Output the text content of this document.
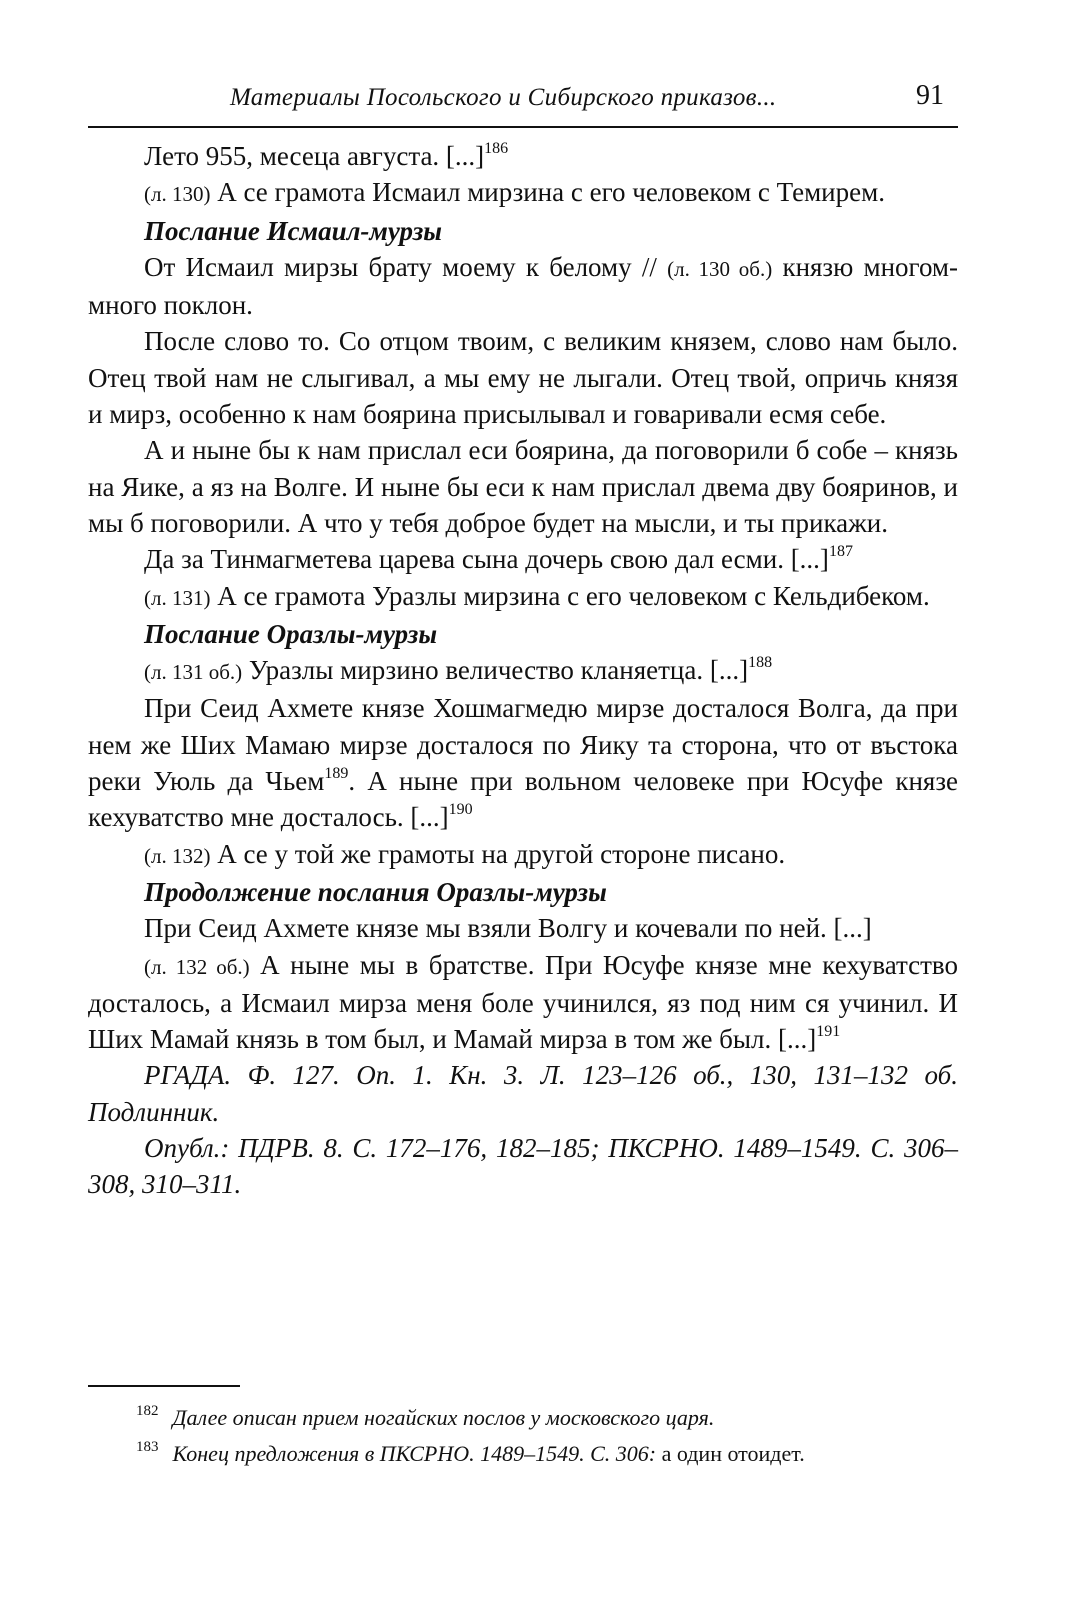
Материалы Посольского и Сибирского приказов...	91

Лето 955, месеца августа. [...]$^{186}$

(л. 130) А се грамота Исмаил мирзина с его человеком с Темирем.

Послание Исмаил-мурзы

От Исмаил мирзы брату моему к белому // (л. 130 об.) князю многом-много поклон.

После слово то. Со отцом твоим, с великим князем, слово нам было. Отец твой нам не слыгивал, а мы ему не лыгали. Отец твой, опричь князя и мирз, особенно к нам боярина присылывал и говаривали есмя себе.

А и ныне бы к нам прислал еси боярина, да поговорили б собе – князь на Яике, а яз на Волге. И ныне бы еси к нам прислал двема дву бояринов, и мы б поговорили. А что у тебя доброе будет на мысли, и ты прикажи.

Да за Тинмагметева царева сына дочерь свою дал есми. [...]$^{187}$

(л. 131) А се грамота Уразлы мирзина с его человеком с Кельдибеком.

Послание Оразлы-мурзы

(л. 131 об.) Уразлы мирзино величество кланяетца. [...]$^{188}$

При Сеид Ахмете князе Хошмагмедю мирзе досталося Волга, да при нем же Ших Мамаю мирзе досталося по Яику та сторона, что от въстока реки Уюль да Чьем$^{189}$. А ныне при вольном человеке при Юсуфе князе кехуватство мне досталось. [...]$^{190}$

(л. 132) А се у той же грамоты на другой стороне писано.

Продолжение послания Оразлы-мурзы

При Сеид Ахмете князе мы взяли Волгу и кочевали по ней. [...]

(л. 132 об.) А ныне мы в братстве. При Юсуфе князе мне кехуватство досталось, а Исмаил мирза меня боле учинился, яз под ним ся учинил. И Ших Мамай князь в том был, и Мамай мирза в том же был. [...]$^{191}$

РГАДА. Ф. 127. Оп. 1. Кн. 3. Л. 123–126 об., 130, 131–132 об. Подлинник.

Опубл.: ПДРВ. 8. С. 172–176, 182–185; ПКСРНО. 1489–1549. С. 306–308, 310–311.

$^{182}$ Далее описан прием ногайских послов у московского царя.

$^{183}$ Конец предложения в ПКСРНО. 1489–1549. С. 306: а один отоидет.
